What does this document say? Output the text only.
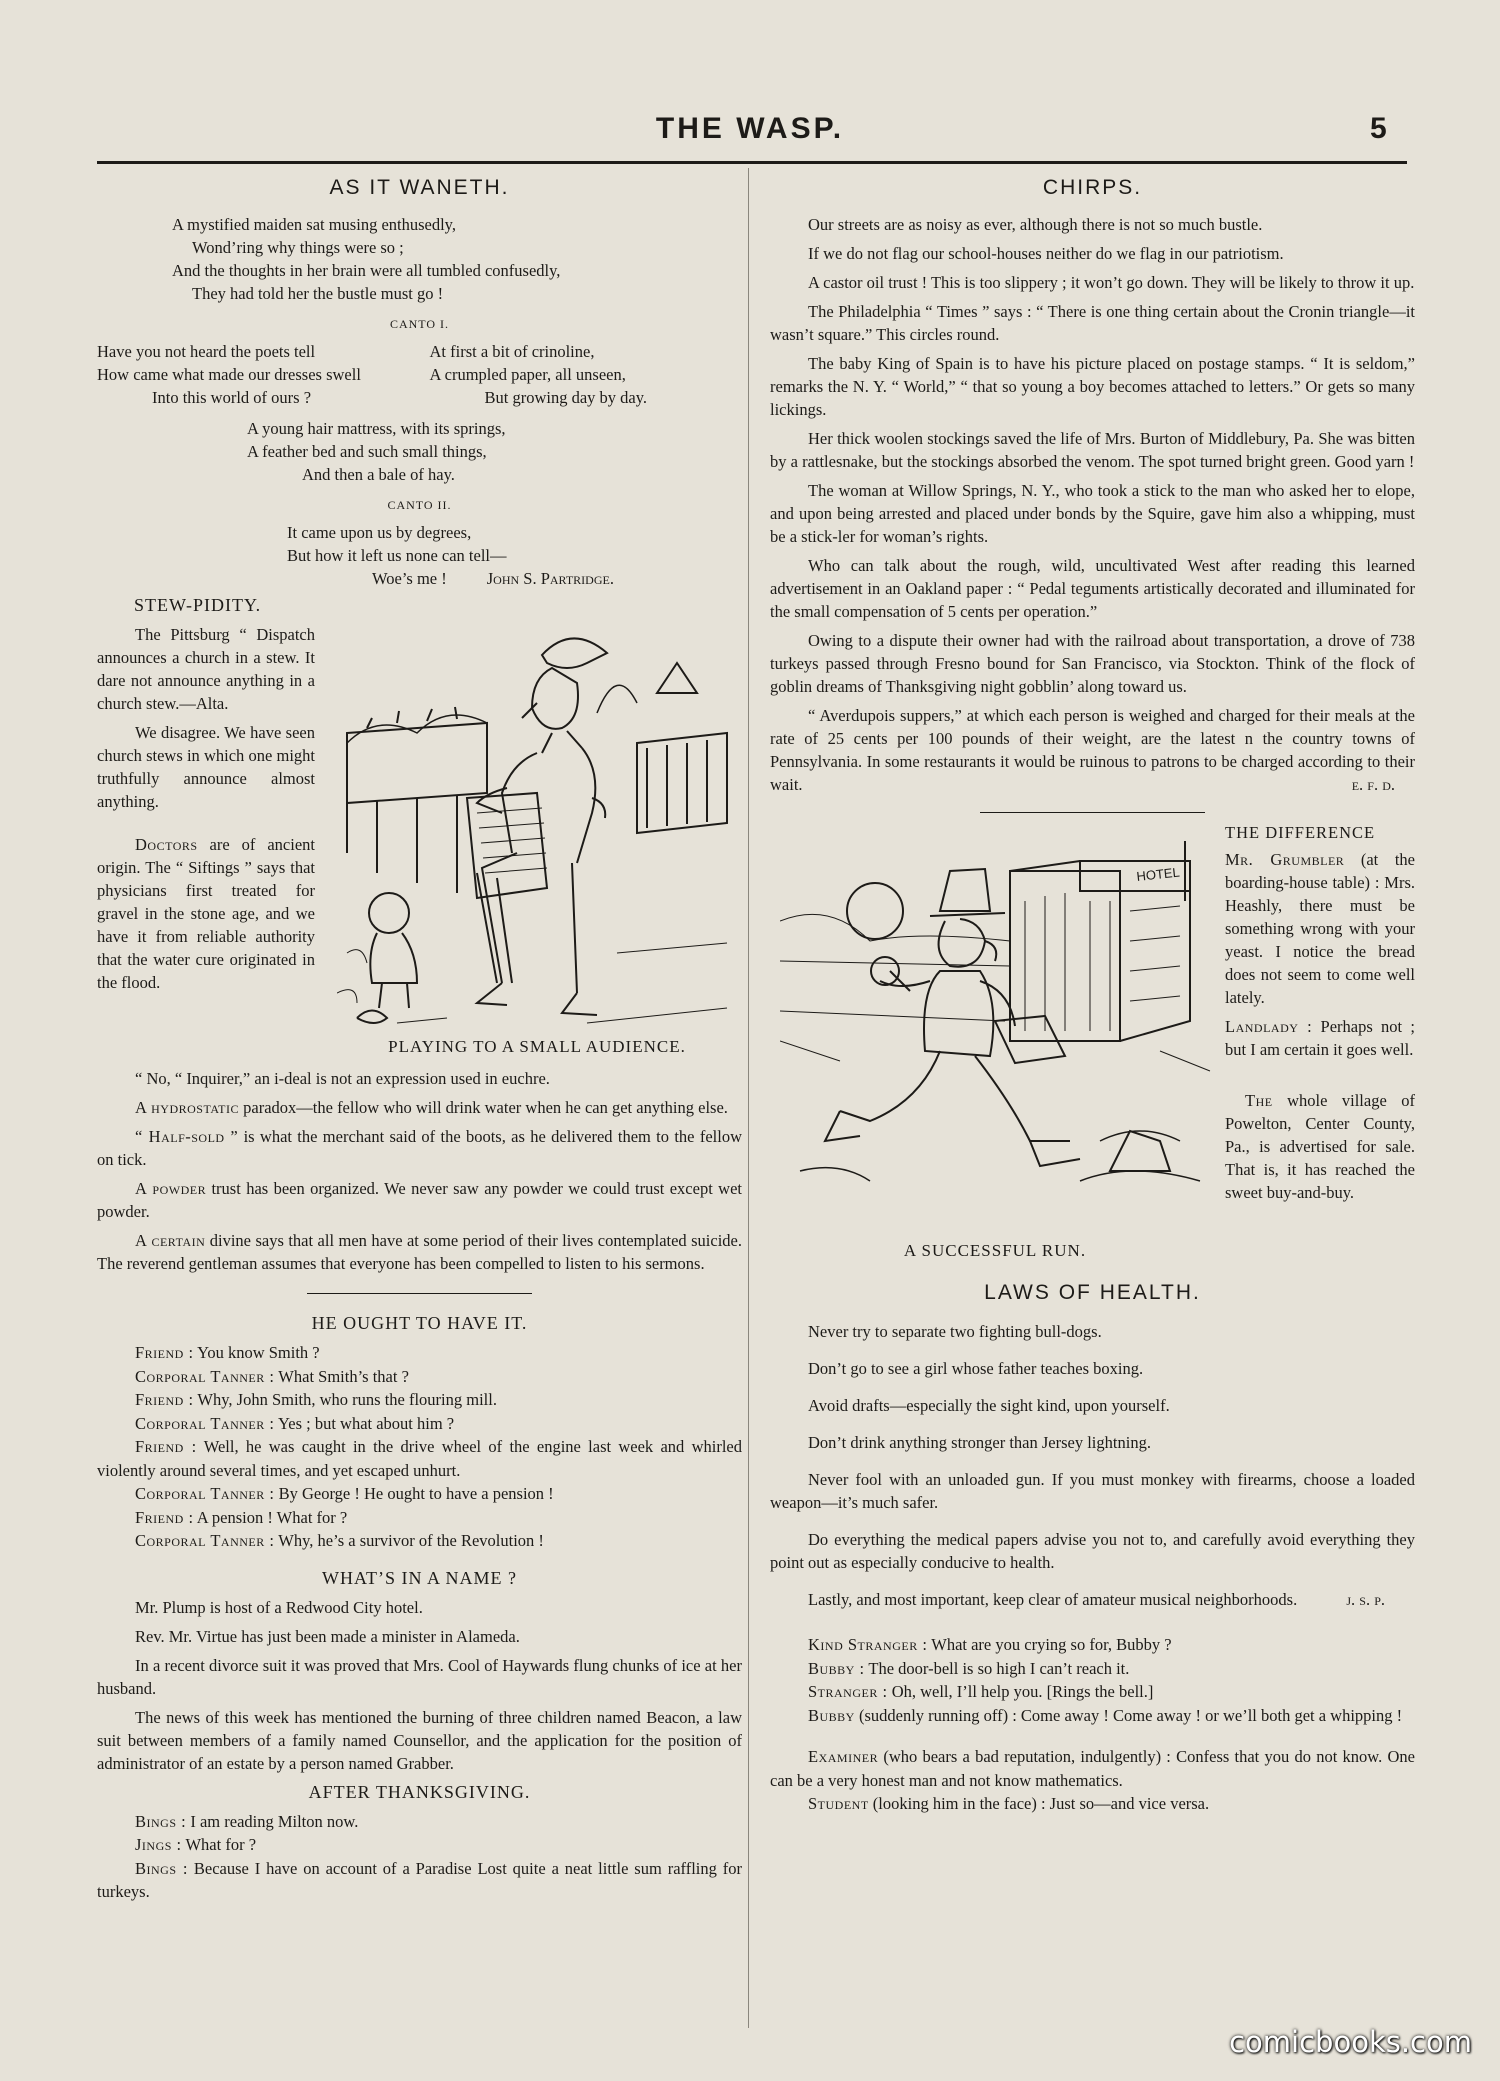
THE WASP.	5
AS IT WANETH.
A mystified maiden sat musing enthusedly,
Wond’ring why things were so ;
And the thoughts in her brain were all tumbled confusedly,
They had told her the bustle must go !
CANTO I.
Have you not heard the poets tell
How came what made our dresses swell
Into this world of ours ?
At first a bit of crinoline,
A crumpled paper, all unseen,
But growing day by day.
A young hair mattress, with its springs,
A feather bed and such small things,
And then a bale of hay.
CANTO II.
It came upon us by degrees,
But how it left us none can tell—
Woe’s me ! John S. Partridge.
STEW-PIDITY.

The Pittsburg “ Dispatch announces a church in a stew. It dare not announce anything in a church stew.—Alta.

We disagree. We have seen church stews in which one might truthfully announce almost anything.

Doctors are of ancient origin. The “ Siftings ” says that physicians first treated for gravel in the stone age, and we have it from reliable authority that the water cure originated in the flood.

PLAYING TO A SMALL AUDIENCE.

“ No, “ Inquirer,” an i-deal is not an expression used in euchre.

A hydrostatic paradox—the fellow who will drink water when he can get anything else.

“ Half-sold ” is what the merchant said of the boots, as he delivered them to the fellow on tick.

A powder trust has been organized. We never saw any powder we could trust except wet powder.

A certain divine says that all men have at some period of their lives contemplated suicide. The reverend gentleman assumes that everyone has been compelled to listen to his sermons.

HE OUGHT TO HAVE IT.
Friend : You know Smith ?
Corporal Tanner : What Smith’s that ?
Friend : Why, John Smith, who runs the flouring mill.
Corporal Tanner : Yes ; but what about him ?
Friend : Well, he was caught in the drive wheel of the engine last week and whirled violently around several times, and yet escaped unhurt.
Corporal Tanner : By George ! He ought to have a pension !
Friend : A pension ! What for ?
Corporal Tanner : Why, he’s a survivor of the Revolution !
WHAT’S IN A NAME ?

Mr. Plump is host of a Redwood City hotel.

Rev. Mr. Virtue has just been made a minister in Alameda.

In a recent divorce suit it was proved that Mrs. Cool of Haywards flung chunks of ice at her husband.

The news of this week has mentioned the burning of three children named Beacon, a law suit between members of a family named Counsellor, and the application for the position of administrator of an estate by a person named Grabber.

AFTER THANKSGIVING.
Bings : I am reading Milton now.
Jings : What for ?
Bings : Because I have on account of a Paradise Lost quite a neat little sum raffling for turkeys.
CHIRPS.

Our streets are as noisy as ever, although there is not so much bustle.

If we do not flag our school-houses neither do we flag in our patriotism.

A castor oil trust ! This is too slippery ; it won’t go down. They will be likely to throw it up.

The Philadelphia “ Times ” says : “ There is one thing certain about the Cronin triangle—it wasn’t square.” This circles round.

The baby King of Spain is to have his picture placed on postage stamps. “ It is seldom,” remarks the N. Y. “ World,” “ that so young a boy becomes attached to letters.” Or gets so many lickings.

Her thick woolen stockings saved the life of Mrs. Burton of Middlebury, Pa. She was bitten by a rattlesnake, but the stockings absorbed the venom. The spot turned bright green. Good yarn !

The woman at Willow Springs, N. Y., who took a stick to the man who asked her to elope, and upon being arrested and placed under bonds by the Squire, gave him also a whipping, must be a stick-ler for woman’s rights.

Who can talk about the rough, wild, uncultivated West after reading this learned advertisement in an Oakland paper : “ Pedal teguments artistically decorated and illuminated for the small compensation of 5 cents per operation.”

Owing to a dispute their owner had with the railroad about transportation, a drove of 738 turkeys passed through Fresno bound for San Francisco, via Stockton. Think of the flock of goblin dreams of Thanksgiving night gobblin’ along toward us.

“ Averdupois suppers,” at which each person is weighed and charged for their meals at the rate of 25 cents per 100 pounds of their weight, are the latest n the country towns of Pennsylvania. In some restaurants it would be ruinous to patrons to be charged according to their wait.	e. f. d.

HOTEL
A SUCCESSFUL RUN.
THE DIFFERENCE

Mr. Grumbler (at the boarding-house table) : Mrs. Heashly, there must be something wrong with your yeast. I notice the bread does not seem to come well lately.

Landlady : Perhaps not ; but I am certain it goes well.

The whole village of Powelton, Center County, Pa., is advertised for sale. That is, it has reached the sweet buy-and-buy.

LAWS OF HEALTH.

Never try to separate two fighting bull-dogs.

Don’t go to see a girl whose father teaches boxing.

Avoid drafts—especially the sight kind, upon yourself.

Don’t drink anything stronger than Jersey lightning.

Never fool with an unloaded gun. If you must monkey with firearms, choose a loaded weapon—it’s much safer.

Do everything the medical papers advise you not to, and carefully avoid everything they point out as especially conducive to health.

Lastly, and most important, keep clear of amateur musical neighborhoods.	j. s. p.

Kind Stranger : What are you crying so for, Bubby ?
Bubby : The door-bell is so high I can’t reach it.
Stranger : Oh, well, I’ll help you. [Rings the bell.]
Bubby (suddenly running off) : Come away ! Come away ! or we’ll both get a whipping !
Examiner (who bears a bad reputation, indulgently) : Confess that you do not know. One can be a very honest man and not know mathematics.
Student (looking him in the face) : Just so—and vice versa.
comicbooks.com
